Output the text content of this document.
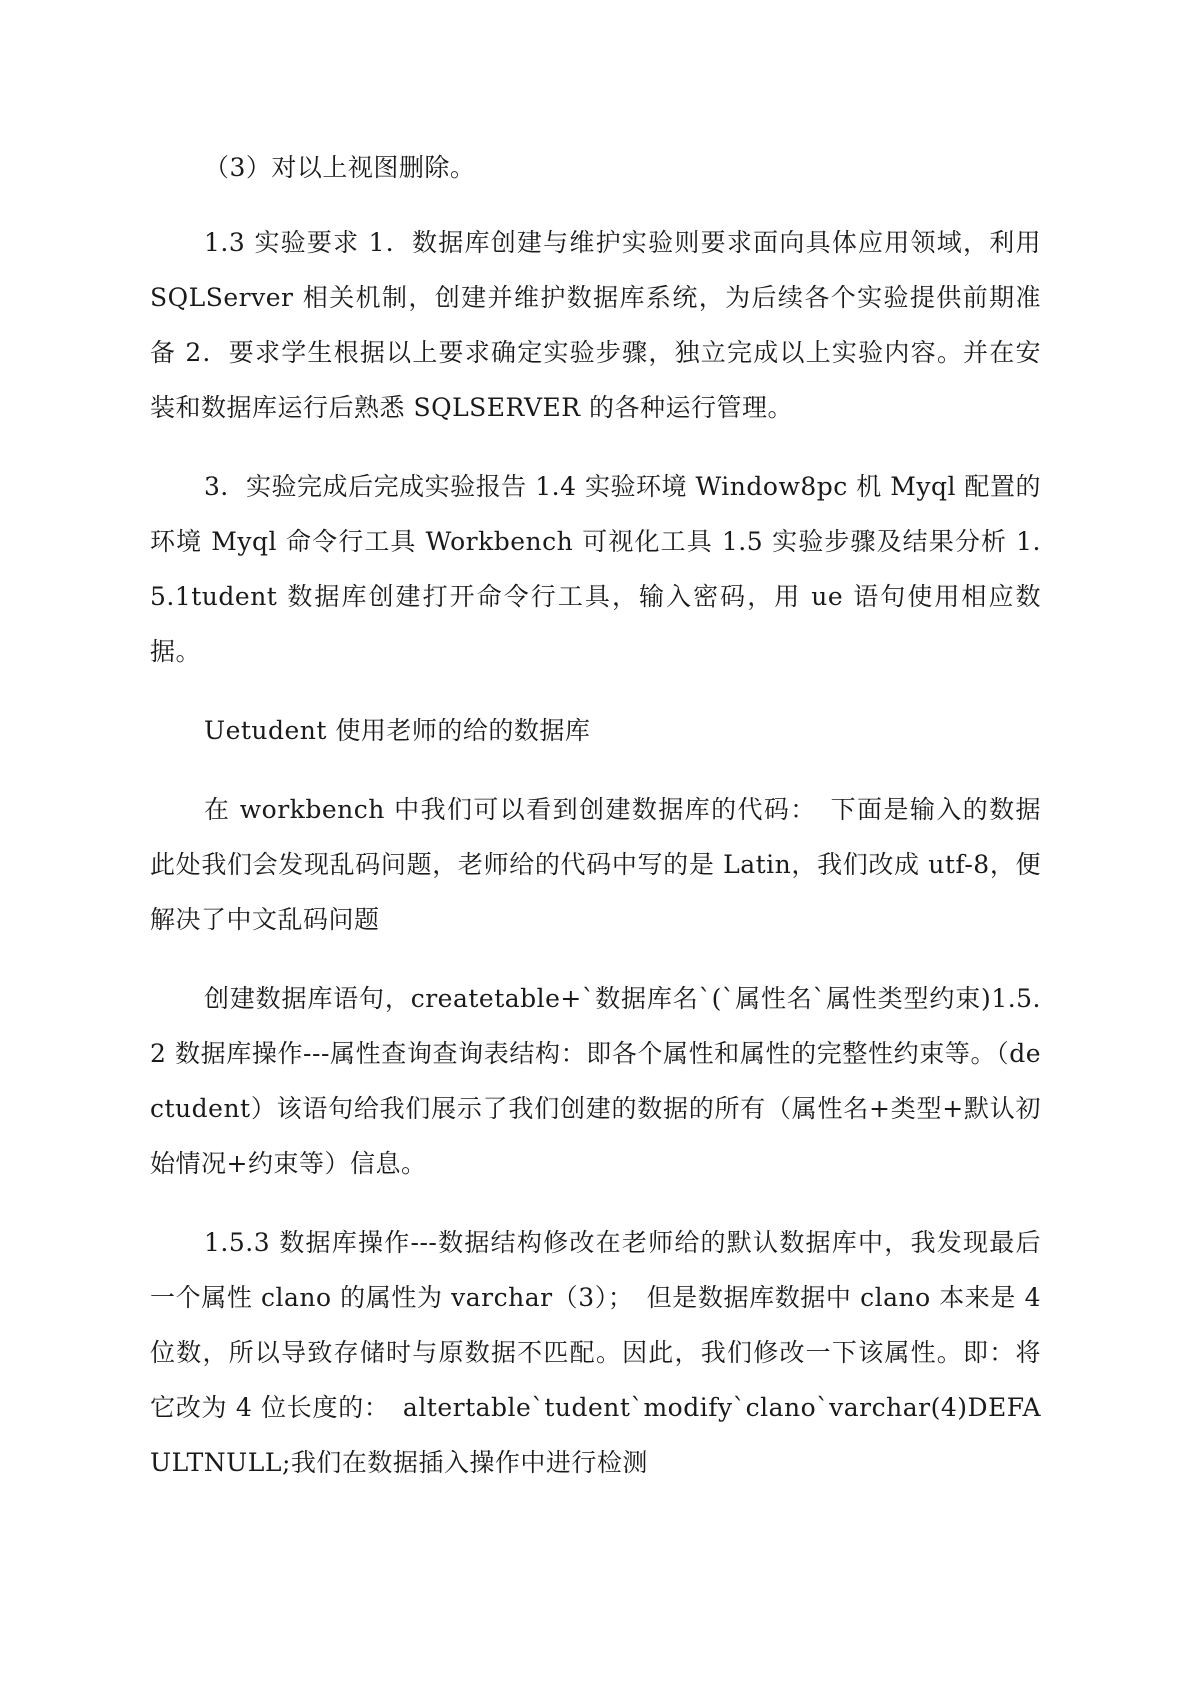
（3）对以上视图删除。

1.3 实验要求 1．数据库创建与维护实验则要求面向具体应用领域，利用 SQLServer 相关机制，创建并维护数据库系统，为后续各个实验提供前期准备 2．要求学生根据以上要求确定实验步骤，独立完成以上实验内容。并在安装和数据库运行后熟悉 SQLSERVER 的各种运行管理。

3．实验完成后完成实验报告 1.4 实验环境 Window8pc 机 Myql 配置的环境 Myql 命令行工具 Workbench 可视化工具 1.5 实验步骤及结果分析 1.5.1tudent 数据库创建打开命令行工具，输入密码，用 ue 语句使用相应数据。

Uetudent 使用老师的给的数据库

在 workbench 中我们可以看到创建数据库的代码：　下面是输入的数据此处我们会发现乱码问题，老师给的代码中写的是 Latin，我们改成 utf-8，便解决了中文乱码问题

创建数据库语句，createtable+`数据库名`(`属性名`属性类型约束)1.5.2 数据库操作---属性查询查询表结构：即各个属性和属性的完整性约束等。（dectudent）该语句给我们展示了我们创建的数据的所有（属性名+类型+默认初始情况+约束等）信息。

1.5.3 数据库操作---数据结构修改在老师给的默认数据库中，我发现最后一个属性 clano 的属性为 varchar（3）；　但是数据库数据中 clano 本来是 4 位数，所以导致存储时与原数据不匹配。因此，我们修改一下该属性。即：将它改为 4 位长度的：　altertable`tudent`modify`clano`varchar(4)DEFAULTNULL;我们在数据插入操作中进行检测
